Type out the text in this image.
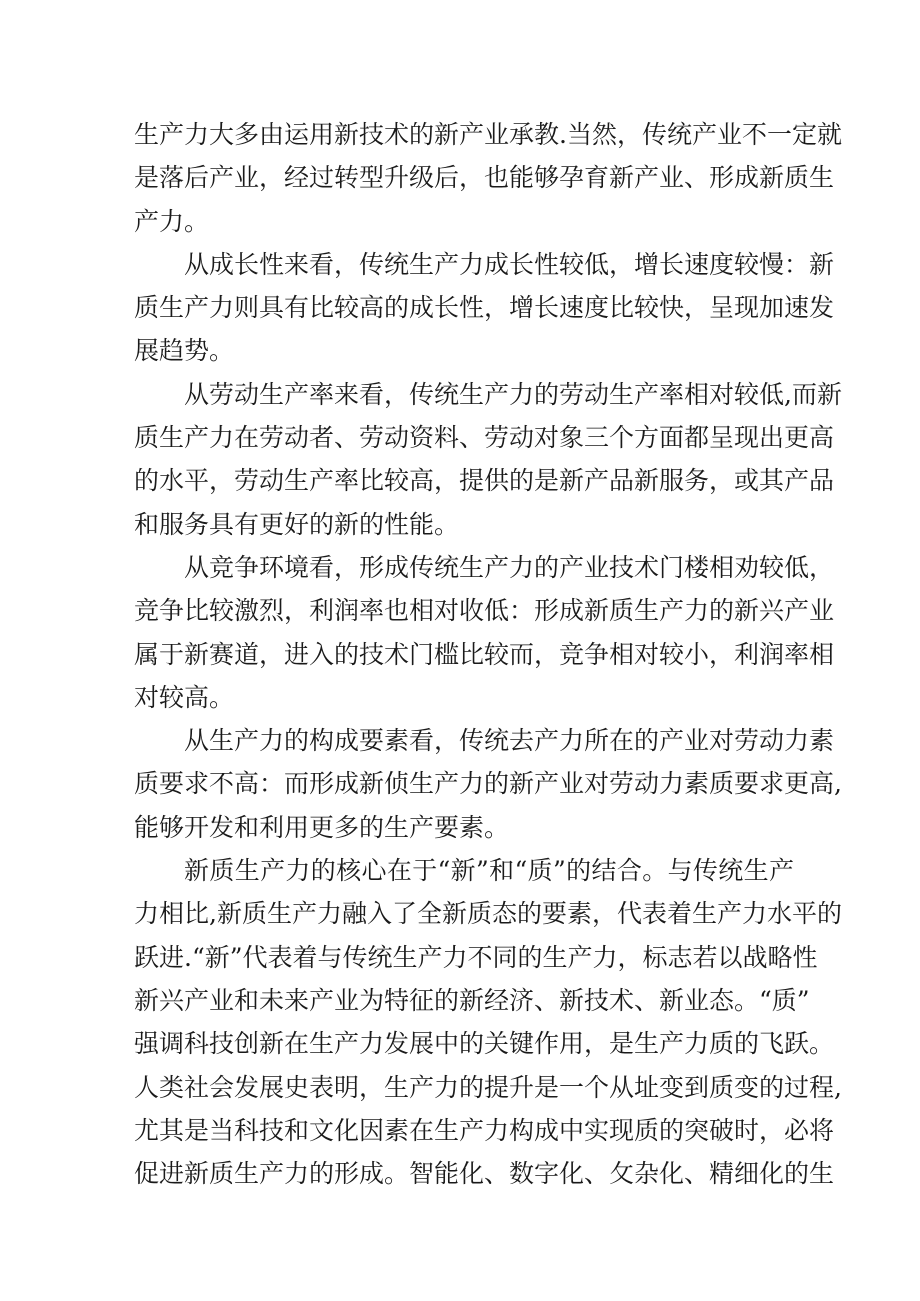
生产力大多由运用新技术的新产业承教.当然，传统产业不一定就
是落后产业，经过转型升级后，也能够孕育新产业、形成新质生
产力。
从成长性来看，传统生产力成长性较低，增长速度较慢：新
质生产力则具有比较高的成长性，增长速度比较快，呈现加速发
展趋势。
从劳动生产率来看，传统生产力的劳动生产率相对较低,而新
质生产力在劳动者、劳动资料、劳动对象三个方面都呈现出更高
的水平，劳动生产率比较高，提供的是新产品新服务，或其产品
和服务具有更好的新的性能。
从竞争环境看，形成传统生产力的产业技术门楼相劝较低，
竞争比较激烈，利润率也相对收低：形成新质生产力的新兴产业
属于新赛道，进入的技术门槛比较而，竞争相对较小，利润率相
对较高。
从生产力的构成要素看，传统去产力所在的产业对劳动力素
质要求不高：而形成新侦生产力的新产业对劳动力素质要求更高,
能够开发和利用更多的生产要素。
新质生产力的核心在于“新”和“质”的结合。与传统生产
力相比,新质生产力融入了全新质态的要素，代表着生产力水平的
跃进.“新”代表着与传统生产力不同的生产力，标志若以战略性
新兴产业和未来产业为特征的新经济、新技术、新业态。“质”
强调科技创新在生产力发展中的关键作用，是生产力质的飞跃。
人类社会发展史表明，生产力的提升是一个从址变到质变的过程,
尤其是当科技和文化因素在生产力构成中实现质的突破时，必将
促进新质生产力的形成。智能化、数字化、攵杂化、精细化的生
